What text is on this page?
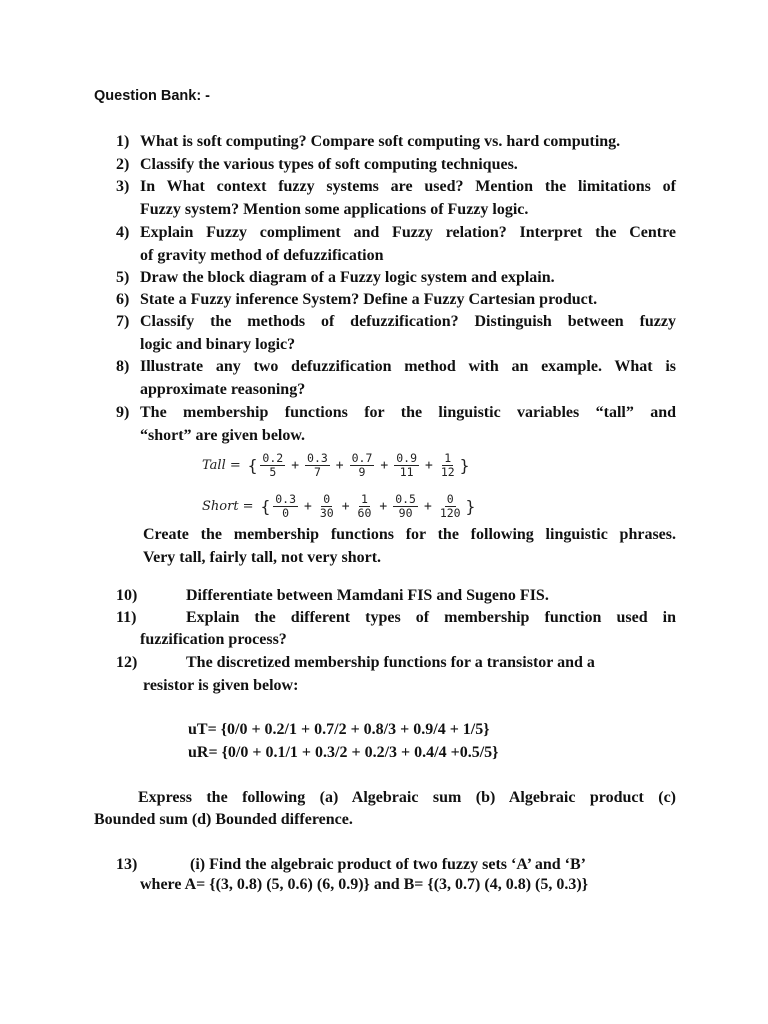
Question Bank: -
1) What is soft computing? Compare soft computing vs. hard computing.
2) Classify the various types of soft computing techniques.
3) In What context fuzzy systems are used? Mention the limitations of
Fuzzy system? Mention some applications of Fuzzy logic.
4) Explain Fuzzy compliment and Fuzzy relation? Interpret the Centre
of gravity method of defuzzification
5) Draw the block diagram of a Fuzzy logic system and explain.
6) State a Fuzzy inference System? Define a Fuzzy Cartesian product.
7) Classify the methods of defuzzification? Distinguish between fuzzy
logic and binary logic?
8) Illustrate any two defuzzification method with an example. What is
approximate reasoning?
9) The membership functions for the linguistic variables “tall” and
“short” are given below.
Tall = { $\frac{0.2}{5} + \frac{0.3}{7} + \frac{0.7}{9} + \frac{0.9}{11} + \frac{1}{12}$ }
Short = { $\frac{0.3}{0} + \frac{0}{30} + \frac{1}{60} + \frac{0.5}{90} + \frac{0}{120}$ }
Create the membership functions for the following linguistic phrases.
Very tall, fairly tall, not very short.
10)	Differentiate between Mamdani FIS and Sugeno FIS.
11)	Explain the different types of membership function used in
fuzzification process?
12)	The discretized membership functions for a transistor and a
resistor is given below:
uT= {0/0 + 0.2/1 + 0.7/2 + 0.8/3 + 0.9/4 + 1/5}
uR= {0/0 + 0.1/1 + 0.3/2 + 0.2/3 + 0.4/4 +0.5/5}
Express the following (a) Algebraic sum (b) Algebraic product (c)
Bounded sum (d) Bounded difference.
13)	(i) Find the algebraic product of two fuzzy sets ‘A’ and ‘B’
where A= {(3, 0.8) (5, 0.6) (6, 0.9)} and B= {(3, 0.7) (4, 0.8) (5, 0.3)}
